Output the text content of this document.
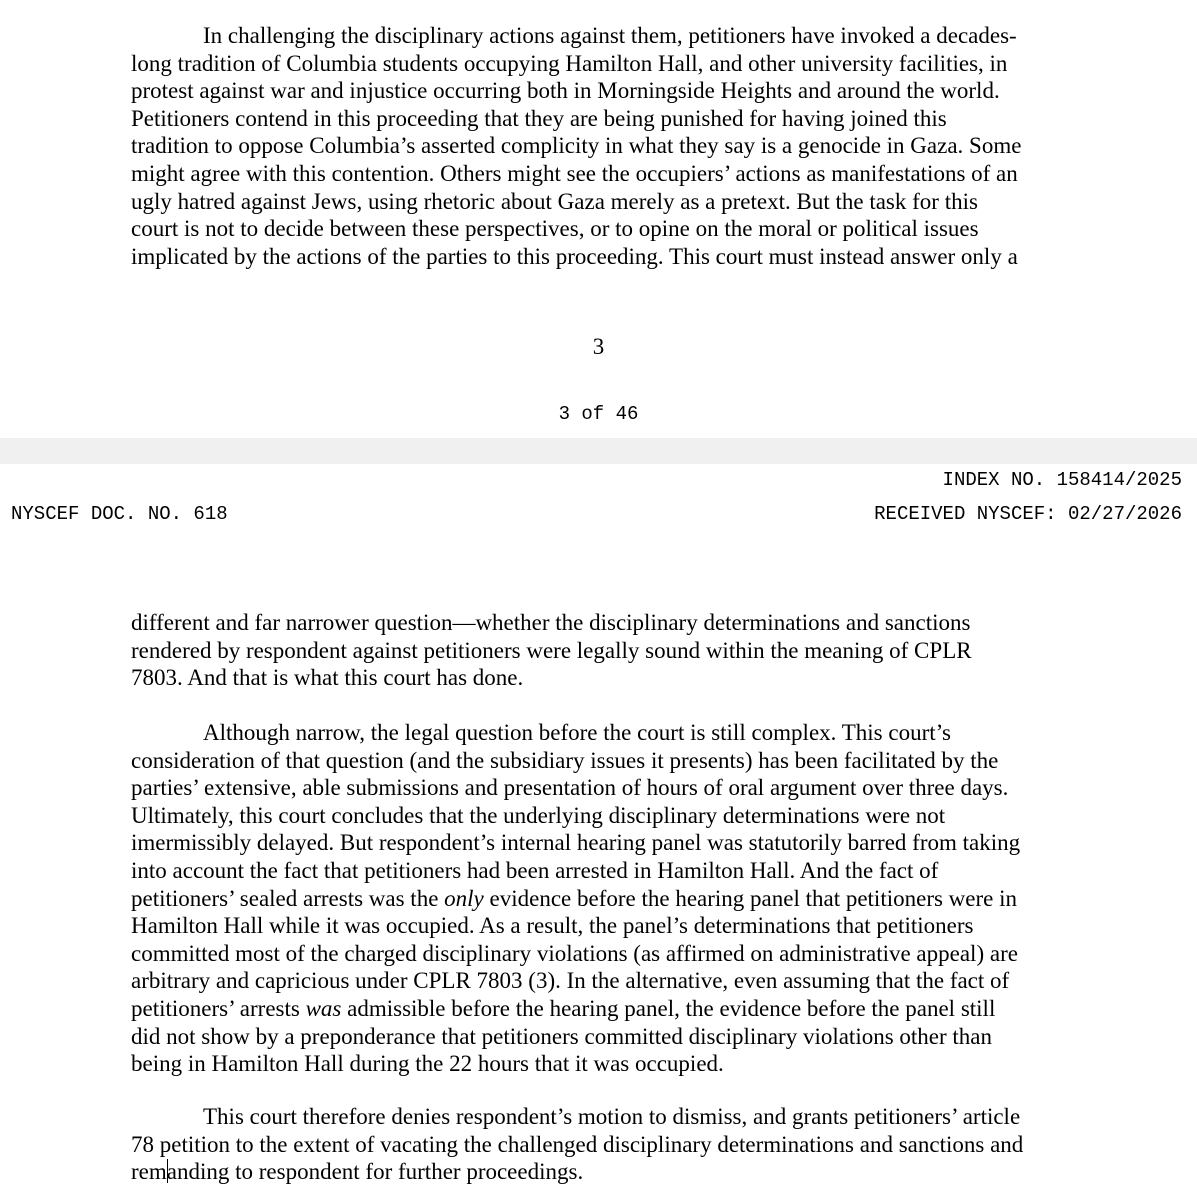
In challenging the disciplinary actions against them, petitioners have invoked a decades-
long tradition of Columbia students occupying Hamilton Hall, and other university facilities, in
protest against war and injustice occurring both in Morningside Heights and around the world.
Petitioners contend in this proceeding that they are being punished for having joined this
tradition to oppose Columbia’s asserted complicity in what they say is a genocide in Gaza. Some
might agree with this contention. Others might see the occupiers’ actions as manifestations of an
ugly hatred against Jews, using rhetoric about Gaza merely as a pretext. But the task for this
court is not to decide between these perspectives, or to opine on the moral or political issues
implicated by the actions of the parties to this proceeding. This court must instead answer only a
3
3 of 46
INDEX NO. 158414/2025
NYSCEF DOC. NO. 618	RECEIVED NYSCEF: 02/27/2026
different and far narrower question—whether the disciplinary determinations and sanctions
rendered by respondent against petitioners were legally sound within the meaning of CPLR
7803. And that is what this court has done.
Although narrow, the legal question before the court is still complex. This court’s
consideration of that question (and the subsidiary issues it presents) has been facilitated by the
parties’ extensive, able submissions and presentation of hours of oral argument over three days.
Ultimately, this court concludes that the underlying disciplinary determinations were not
imermissibly delayed. But respondent’s internal hearing panel was statutorily barred from taking
into account the fact that petitioners had been arrested in Hamilton Hall. And the fact of
petitioners’ sealed arrests was the only evidence before the hearing panel that petitioners were in
Hamilton Hall while it was occupied. As a result, the panel’s determinations that petitioners
committed most of the charged disciplinary violations (as affirmed on administrative appeal) are
arbitrary and capricious under CPLR 7803 (3). In the alternative, even assuming that the fact of
petitioners’ arrests was admissible before the hearing panel, the evidence before the panel still
did not show by a preponderance that petitioners committed disciplinary violations other than
being in Hamilton Hall during the 22 hours that it was occupied.
This court therefore denies respondent’s motion to dismiss, and grants petitioners’ article
78 petition to the extent of vacating the challenged disciplinary determinations and sanctions and
remanding to respondent for further proceedings.
